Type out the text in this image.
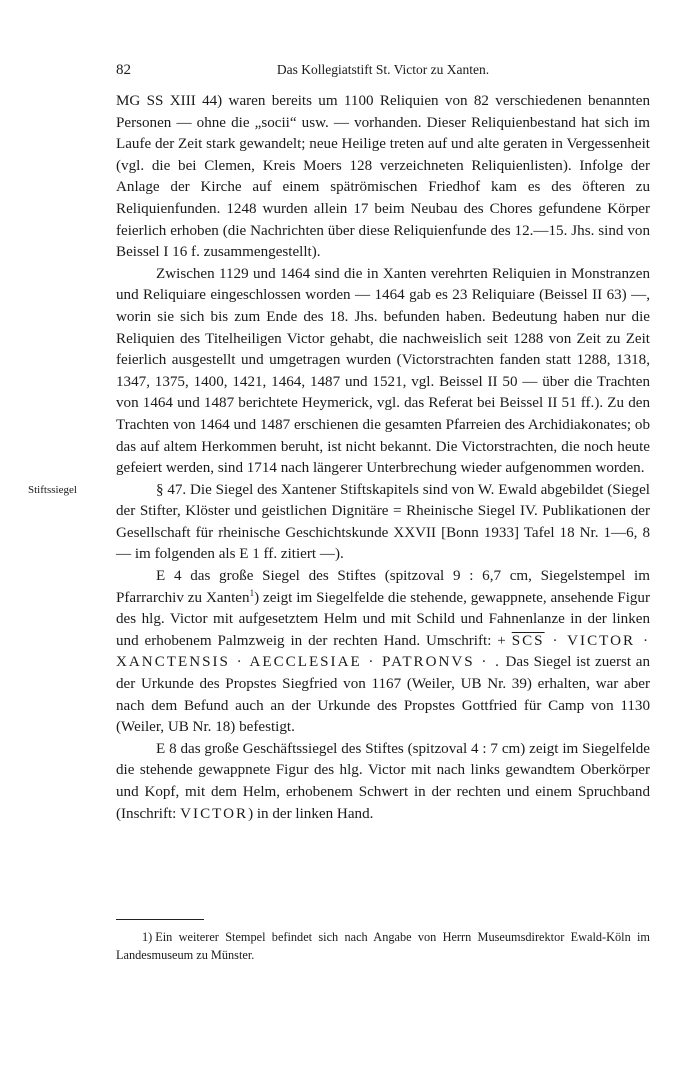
82	Das Kollegiatstift St. Victor zu Xanten.

MG SS XIII 44) waren bereits um 1100 Reliquien von 82 verschiedenen benannten Personen — ohne die „socii“ usw. — vorhanden. Dieser Reliquienbestand hat sich im Laufe der Zeit stark gewandelt; neue Heilige treten auf und alte geraten in Vergessenheit (vgl. die bei Clemen, Kreis Moers 128 verzeichneten Reliquienlisten). Infolge der Anlage der Kirche auf einem spätrömischen Friedhof kam es des öfteren zu Reliquienfunden. 1248 wurden allein 17 beim Neubau des Chores gefundene Körper feierlich erhoben (die Nachrichten über diese Reliquienfunde des 12.—15. Jhs. sind von Beissel I 16 f. zusammengestellt).

Zwischen 1129 und 1464 sind die in Xanten verehrten Reliquien in Monstranzen und Reliquiare eingeschlossen worden — 1464 gab es 23 Reliquiare (Beissel II 63) —, worin sie sich bis zum Ende des 18. Jhs. befunden haben. Bedeutung haben nur die Reliquien des Titelheiligen Victor gehabt, die nachweislich seit 1288 von Zeit zu Zeit feierlich ausgestellt und umgetragen wurden (Victorstrachten fanden statt 1288, 1318, 1347, 1375, 1400, 1421, 1464, 1487 und 1521, vgl. Beissel II 50 — über die Trachten von 1464 und 1487 berichtete Heymerick, vgl. das Referat bei Beissel II 51 ff.). Zu den Trachten von 1464 und 1487 erschienen die gesamten Pfarreien des Archidiakonates; ob das auf altem Herkommen beruht, ist nicht bekannt. Die Victorstrachten, die noch heute gefeiert werden, sind 1714 nach längerer Unterbrechung wieder aufgenommen worden.

Stiftssiegel	§ 47. Die Siegel des Xantener Stiftskapitels sind von W. Ewald abgebildet (Siegel der Stifter, Klöster und geistlichen Dignitäre = Rheinische Siegel IV. Publikationen der Gesellschaft für rheinische Geschichtskunde XXVII [Bonn 1933] Tafel 18 Nr. 1—6, 8 — im folgenden als E 1 ff. zitiert —).

E 4 das große Siegel des Stiftes (spitzoval 9 : 6,7 cm, Siegelstempel im Pfarrarchiv zu Xanten$^1$) zeigt im Siegelfelde die stehende, gewappnete, ansehende Figur des hlg. Victor mit aufgesetztem Helm und mit Schild und Fahnenlanze in der linken und erhobenem Palmzweig in der rechten Hand. Umschrift: + $\overline{SCS}$ · VICTOR · XANCTENSIS · AECCLESIAE · PATRONVS · . Das Siegel ist zuerst an der Urkunde des Propstes Siegfried von 1167 (Weiler, UB Nr. 39) erhalten, war aber nach dem Befund auch an der Urkunde des Propstes Gottfried für Camp von 1130 (Weiler, UB Nr. 18) befestigt.

E 8 das große Geschäftssiegel des Stiftes (spitzoval 4 : 7 cm) zeigt im Siegelfelde die stehende gewappnete Figur des hlg. Victor mit nach links gewandtem Oberkörper und Kopf, mit dem Helm, erhobenem Schwert in der rechten und einem Spruchband (Inschrift: VICTOR) in der linken Hand.

1) Ein weiterer Stempel befindet sich nach Angabe von Herrn Museumsdirektor Ewald-Köln im Landesmuseum zu Münster.
